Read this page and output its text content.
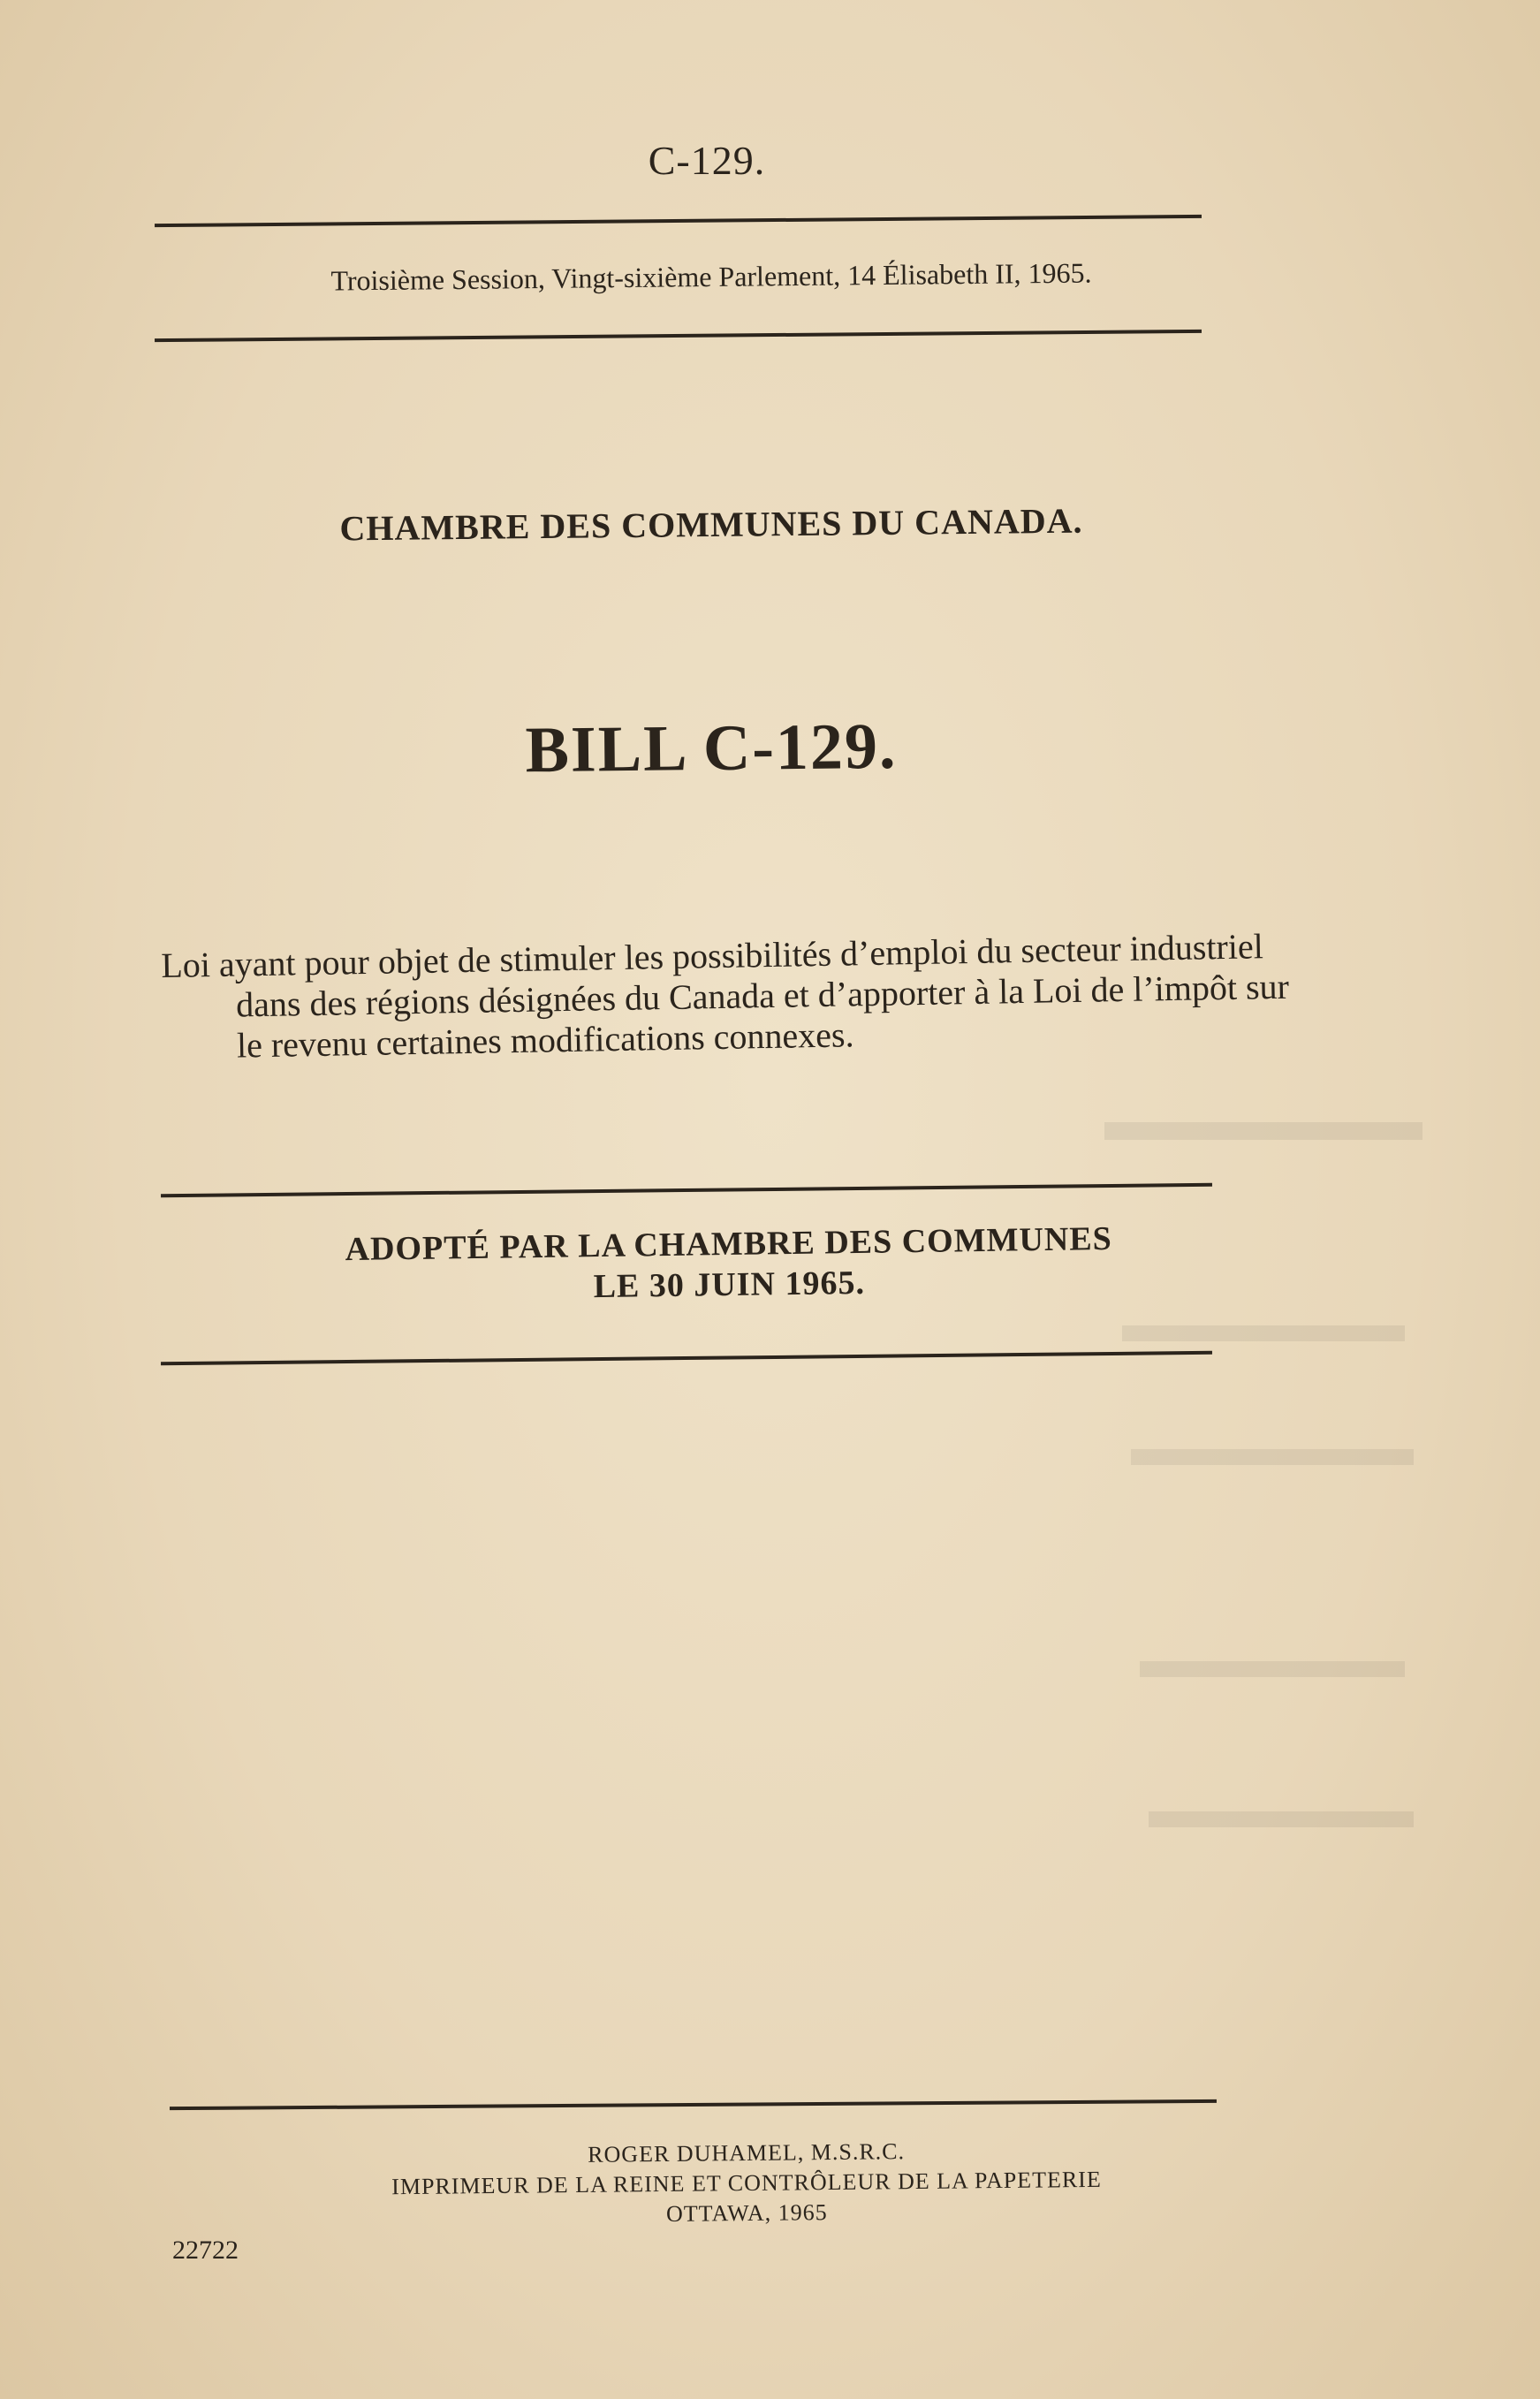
C-129.
Troisième Session, Vingt-sixième Parlement, 14 Élisabeth II, 1965.
CHAMBRE DES COMMUNES DU CANADA.
BILL C-129.
Loi ayant pour objet de stimuler les possibilités d’emploi du secteur industriel dans des régions désignées du Canada et d’apporter à la Loi de l’impôt sur le revenu certaines modifications connexes.
ADOPTÉ PAR LA CHAMBRE DES COMMUNES
LE 30 JUIN 1965.
ROGER DUHAMEL, M.S.R.C.
IMPRIMEUR DE LA REINE ET CONTRÔLEUR DE LA PAPETERIE
OTTAWA, 1965
22722
